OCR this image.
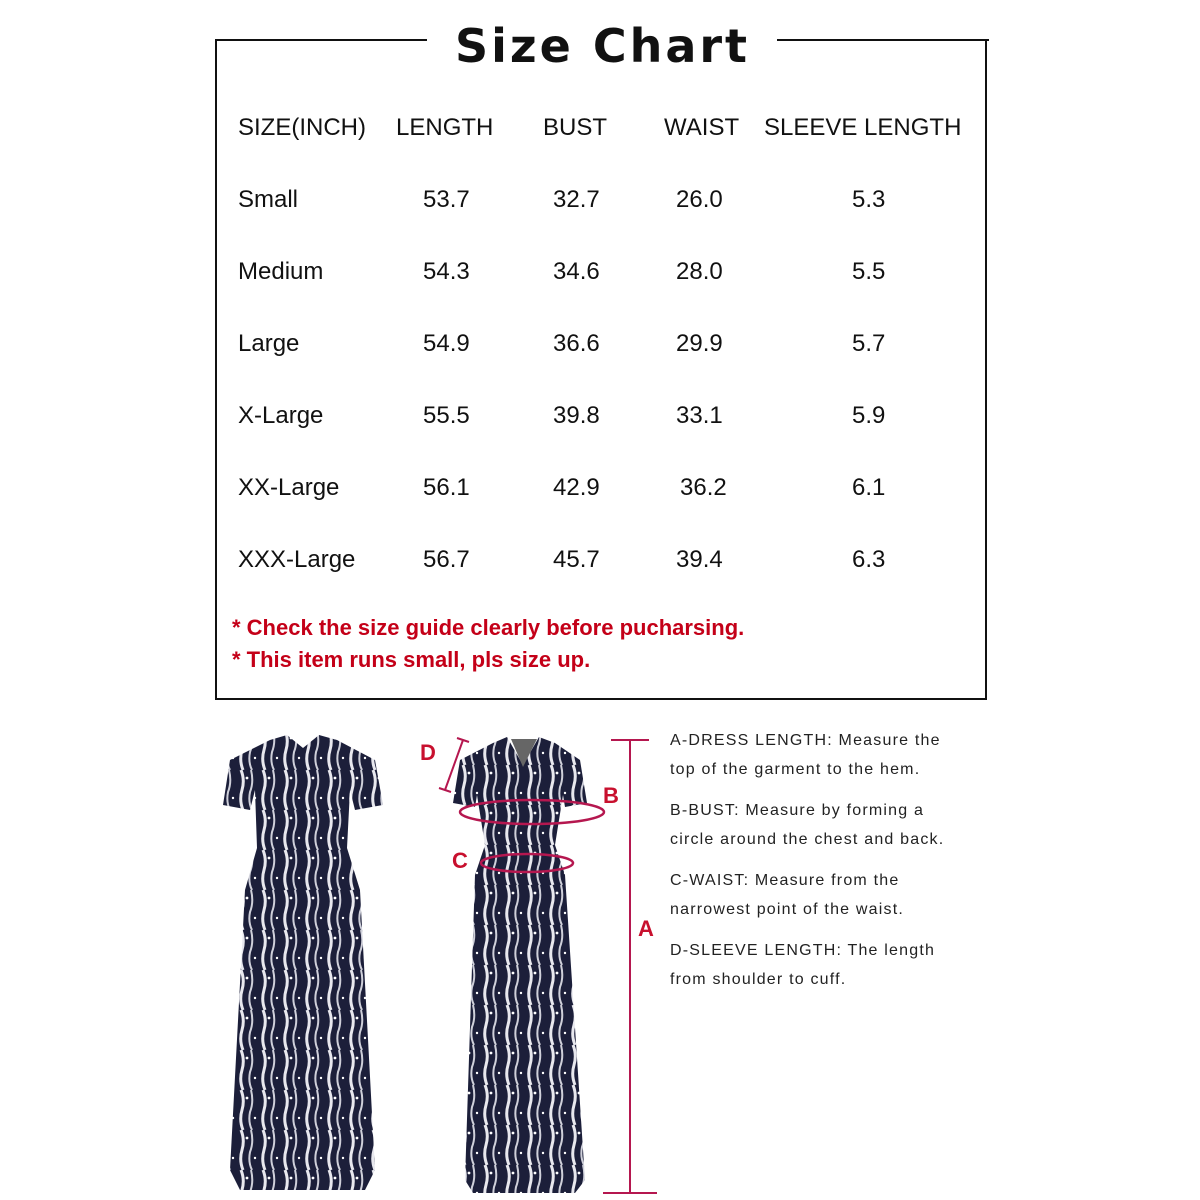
Size Chart
SIZE(INCH) LENGTH BUST WAIST SLEEVE LENGTH
Small	53.7	32.7	26.0	5.3
Medium	54.3	34.6	28.0	5.5
Large	54.9	36.6	29.9	5.7
X-Large	55.5	39.8	33.1	5.9
XX-Large	56.1	42.9	36.2	6.1
XXX-Large	56.7	45.7	39.4	6.3
* Check the size guide clearly before pucharsing.
* This item runs small, pls size up.
D
B
C
A

A-DRESS LENGTH: Measure the
top of the garment to the hem.

B-BUST: Measure by forming a
circle around the chest and back.

C-WAIST: Measure from the
narrowest point of the waist.

D-SLEEVE LENGTH: The length
from shoulder to cuff.
